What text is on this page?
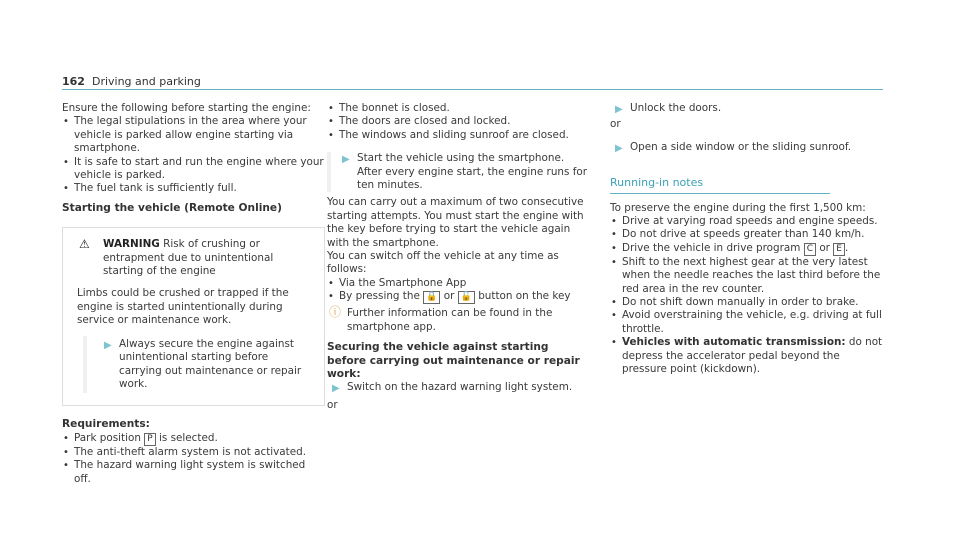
162 Driving and parking

Ensure the following before starting the engine:

• The legal stipulations in the area where your vehicle is parked allow engine starting via smartphone.
• It is safe to start and run the engine where your vehicle is parked.
• The fuel tank is sufficiently full.

Starting the vehicle (Remote Online)

⚠ WARNING Risk of crushing or entrapment due to unintentional starting of the engine

Limbs could be crushed or trapped if the engine is started unintentionally during service or maintenance work.

▶ Always secure the engine against unintentional starting before carrying out maintenance or repair work.

Requirements:

• Park position P is selected.
• The anti-theft alarm system is not activated.
• The hazard warning light system is switched off.
• The bonnet is closed.
• The doors are closed and locked.
• The windows and sliding sunroof are closed.
▶ Start the vehicle using the smartphone.

After every engine start, the engine runs for ten minutes.

You can carry out a maximum of two consecutive starting attempts. You must start the engine with the key before trying to start the vehicle again with the smartphone.

You can switch off the vehicle at any time as follows:

• Via the Smartphone App
• By pressing the 🔒 or 🔓 button on the key
ⓘ Further information can be found in the smartphone app.

Securing the vehicle against starting before carrying out maintenance or repair work:

▶ Switch on the hazard warning light system.

or

▶ Unlock the doors.

or

▶ Open a side window or the sliding sunroof.
Running-in notes

To preserve the engine during the first 1,500 km:

• Drive at varying road speeds and engine speeds.
• Do not drive at speeds greater than 140 km/h.
• Drive the vehicle in drive program C or E .
• Shift to the next highest gear at the very latest when the needle reaches the last third before the red area in the rev counter.
• Do not shift down manually in order to brake.
• Avoid overstraining the vehicle, e.g. driving at full throttle.
• Vehicles with automatic transmission: do not depress the accelerator pedal beyond the pressure point (kickdown).
